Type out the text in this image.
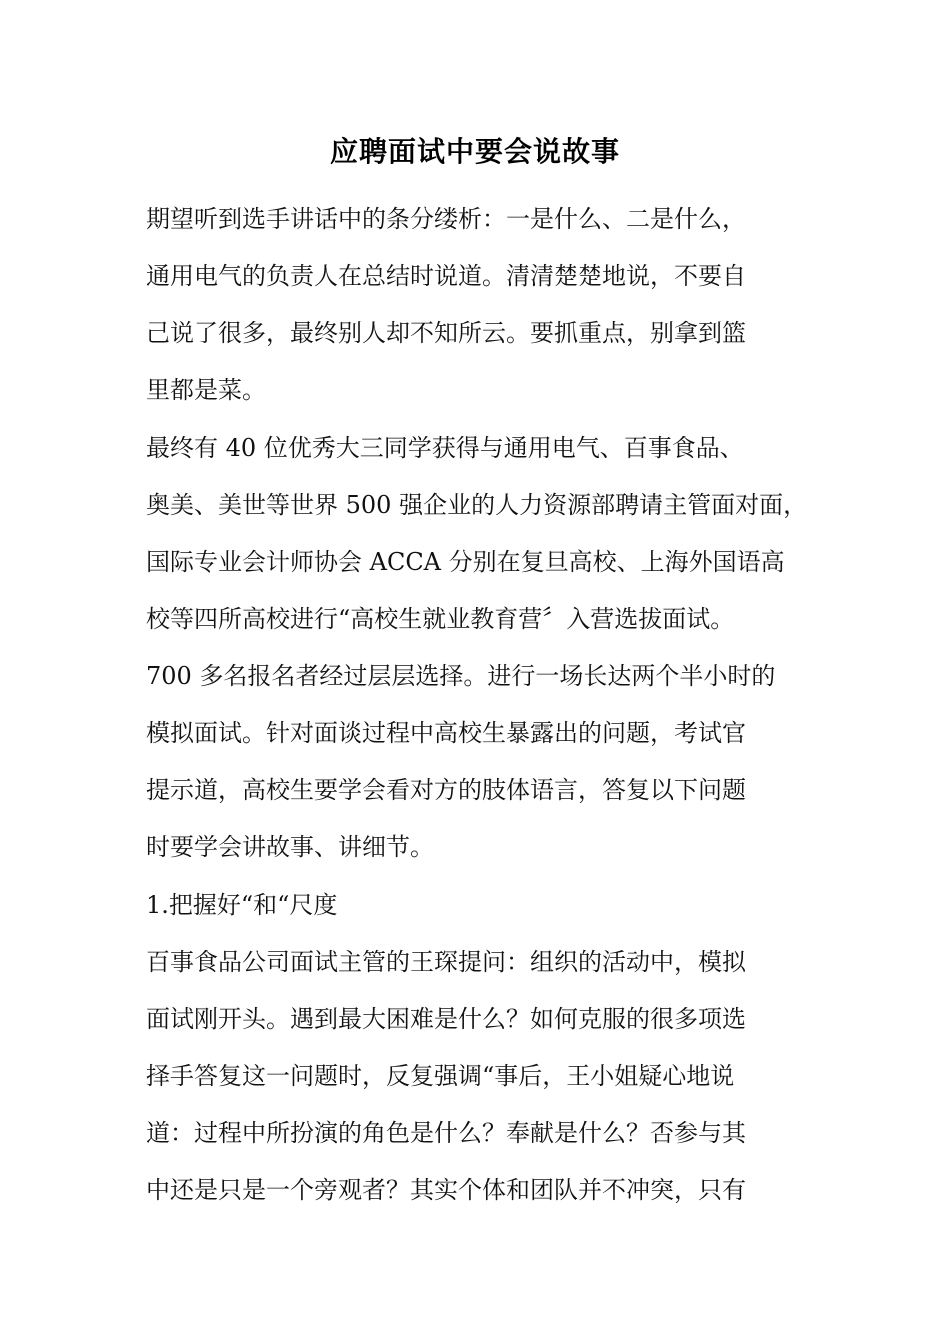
应聘面试中要会说故事
期望听到选手讲话中的条分缕析：一是什么、二是什么，
通用电气的负责人在总结时说道。清清楚楚地说，不要自
己说了很多，最终别人却不知所云。要抓重点，别拿到篮
里都是菜。
最终有 40 位优秀大三同学获得与通用电气、百事食品、
奥美、美世等世界 500 强企业的人力资源部聘请主管面对面，
国际专业会计师协会 ACCA 分别在复旦高校、上海外国语高
校等四所高校进行“高校生就业教育营〞入营选拔面试。
700 多名报名者经过层层选择。进行一场长达两个半小时的
模拟面试。针对面谈过程中高校生暴露出的问题，考试官
提示道，高校生要学会看对方的肢体语言，答复以下问题
时要学会讲故事、讲细节。
1.把握好“和“尺度
百事食品公司面试主管的王琛提问：组织的活动中，模拟
面试刚开头。遇到最大困难是什么？如何克服的很多项选
择手答复这一问题时，反复强调“事后，王小姐疑心地说
道：过程中所扮演的角色是什么？奉献是什么？否参与其
中还是只是一个旁观者？其实个体和团队并不冲突，只有
